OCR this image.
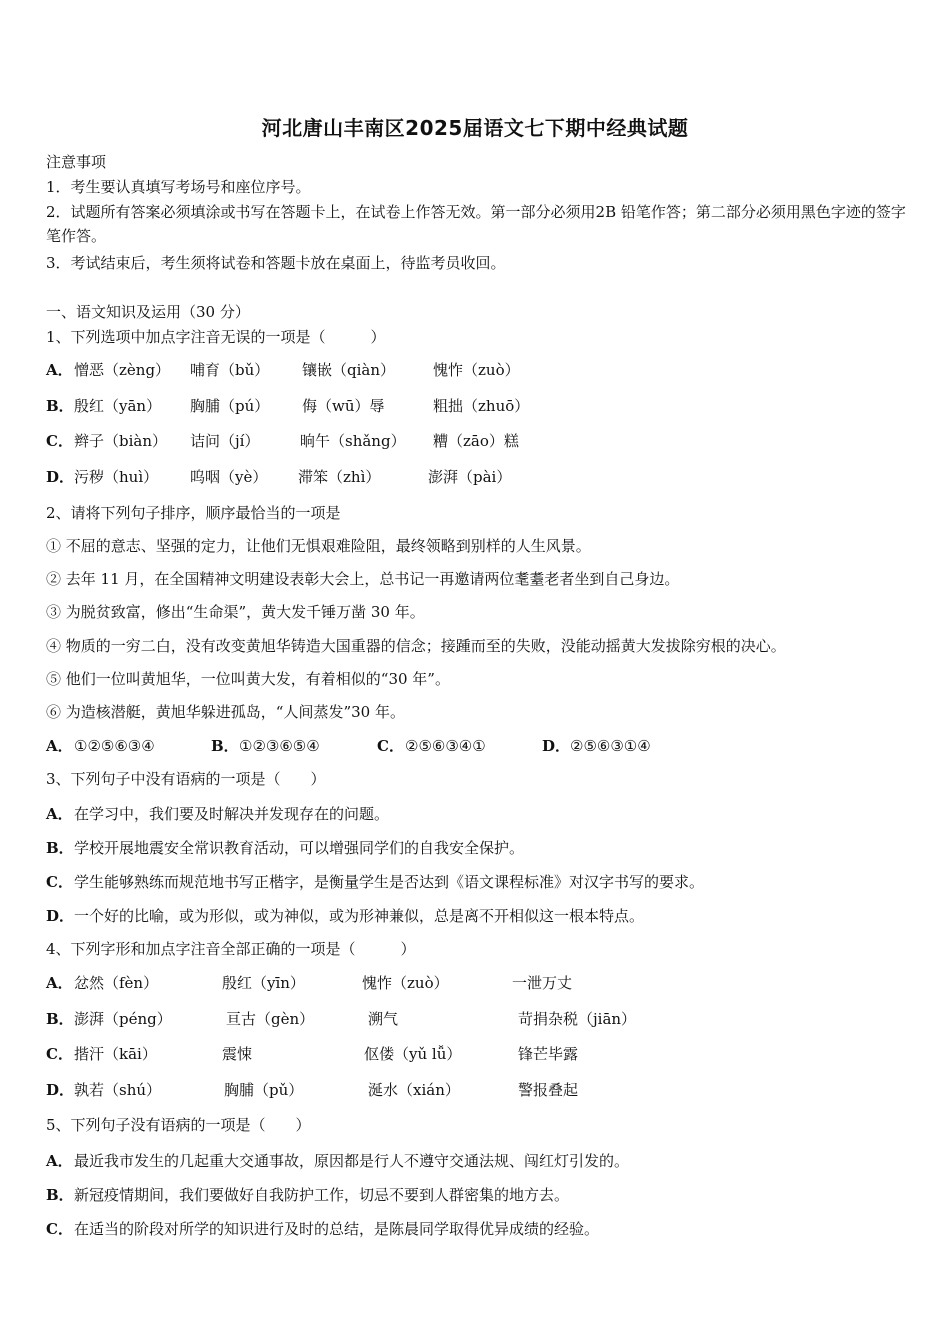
河北唐山丰南区2025届语文七下期中经典试题
注意事项
1．考生要认真填写考场号和座位序号。
2．试题所有答案必须填涂或书写在答题卡上，在试卷上作答无效。第一部分必须用2B 铅笔作答；第二部分必须用黑色字迹的签字笔作答。
3．考试结束后，考生须将试卷和答题卡放在桌面上，待监考员收回。
一、语文知识及运用（30 分）
1、下列选项中加点字注音无误的一项是（　　　）
A． 憎恶（zèng） 哺育（bǔ） 镶嵌（qiàn）	愧怍（zuò）
B． 殷红（yān） 胸脯（pú） 侮（wū）辱	粗拙（zhuō）
C． 辫子（biàn） 诘问（jí）	晌午（shǎng） 糟（zāo）糕
D． 污秽（huì） 呜咽（yè） 滞笨（zhì）	澎湃（pài）
2、请将下列句子排序，顺序最恰当的一项是
① 不屈的意志、坚强的定力，让他们无惧艰难险阻，最终领略到别样的人生风景。
② 去年 11 月，在全国精神文明建设表彰大会上，总书记一再邀请两位耄耋老者坐到自己身边。
③ 为脱贫致富，修出“生命渠”，黄大发千锤万凿 30 年。
④ 物质的一穷二白，没有改变黄旭华铸造大国重器的信念；接踵而至的失败，没能动摇黄大发拔除穷根的决心。
⑤ 他们一位叫黄旭华，一位叫黄大发，有着相似的“30 年”。
⑥ 为造核潜艇，黄旭华躲进孤岛，“人间蒸发”30 年。
A． ①②⑤⑥③④	B． ①②③⑥⑤④	C． ②⑤⑥③④①	D． ②⑤⑥③①④
3、下列句子中没有语病的一项是（　　）
A． 在学习中，我们要及时解决并发现存在的问题。
B． 学校开展地震安全常识教育活动，可以增强同学们的自我安全保护。
C． 学生能够熟练而规范地书写正楷字，是衡量学生是否达到《语文课程标准》对汉字书写的要求。
D． 一个好的比喻，或为形似，或为神似，或为形神兼似，总是离不开相似这一根本特点。
4、下列字形和加点字注音全部正确的一项是（　　　）
A． 忿然（fèn）	殷红（yīn）	愧怍（zuò）	一泄万丈
B． 澎湃（péng）	亘古（gèn）	溯气	苛捐杂税（jiān）
C． 揩汗（kāi）	震悚	伛偻（yǔ lǚ）	锋芒毕露
D． 孰若（shú）	胸脯（pǔ）	涎水（xián）	警报叠起
5、下列句子没有语病的一项是（　　）
A． 最近我市发生的几起重大交通事故，原因都是行人不遵守交通法规、闯红灯引发的。
B． 新冠疫情期间，我们要做好自我防护工作，切忌不要到人群密集的地方去。
C． 在适当的阶段对所学的知识进行及时的总结，是陈晨同学取得优异成绩的经验。
